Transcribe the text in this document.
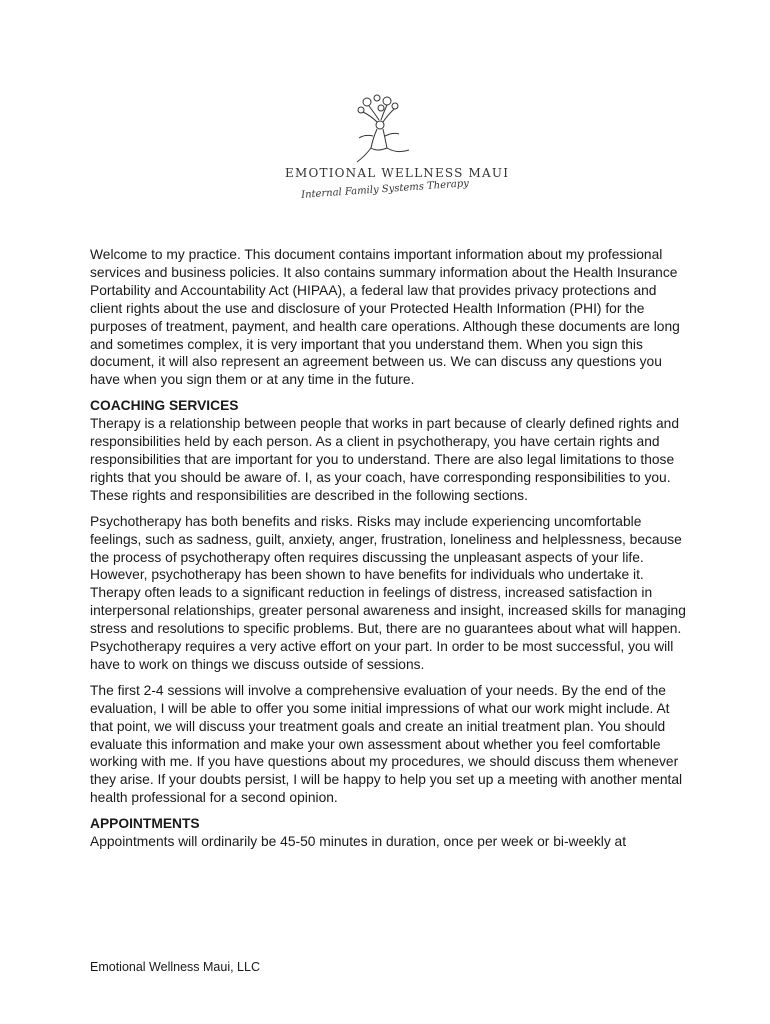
EMOTIONAL WELLNESS MAUI
Internal Family Systems Therapy

Welcome to my practice. This document contains important information about my professional services and business policies. It also contains summary information about the Health Insurance Portability and Accountability Act (HIPAA), a federal law that provides privacy protections and client rights about the use and disclosure of your Protected Health Information (PHI) for the purposes of treatment, payment, and health care operations. Although these documents are long and sometimes complex, it is very important that you understand them. When you sign this document, it will also represent an agreement between us. We can discuss any questions you have when you sign them or at any time in the future.

COACHING SERVICES

Therapy is a relationship between people that works in part because of clearly defined rights and responsibilities held by each person. As a client in psychotherapy, you have certain rights and responsibilities that are important for you to understand. There are also legal limitations to those rights that you should be aware of. I, as your coach, have corresponding responsibilities to you. These rights and responsibilities are described in the following sections.

Psychotherapy has both benefits and risks. Risks may include experiencing uncomfortable feelings, such as sadness, guilt, anxiety, anger, frustration, loneliness and helplessness, because the process of psychotherapy often requires discussing the unpleasant aspects of your life. However, psychotherapy has been shown to have benefits for individuals who undertake it. Therapy often leads to a significant reduction in feelings of distress, increased satisfaction in interpersonal relationships, greater personal awareness and insight, increased skills for managing stress and resolutions to specific problems. But, there are no guarantees about what will happen. Psychotherapy requires a very active effort on your part. In order to be most successful, you will have to work on things we discuss outside of sessions.

The first 2-4 sessions will involve a comprehensive evaluation of your needs. By the end of the evaluation, I will be able to offer you some initial impressions of what our work might include. At that point, we will discuss your treatment goals and create an initial treatment plan. You should evaluate this information and make your own assessment about whether you feel comfortable working with me. If you have questions about my procedures, we should discuss them whenever they arise. If your doubts persist, I will be happy to help you set up a meeting with another mental health professional for a second opinion.

APPOINTMENTS

Appointments will ordinarily be 45-50 minutes in duration, once per week or bi-weekly at

Emotional Wellness Maui, LLC
